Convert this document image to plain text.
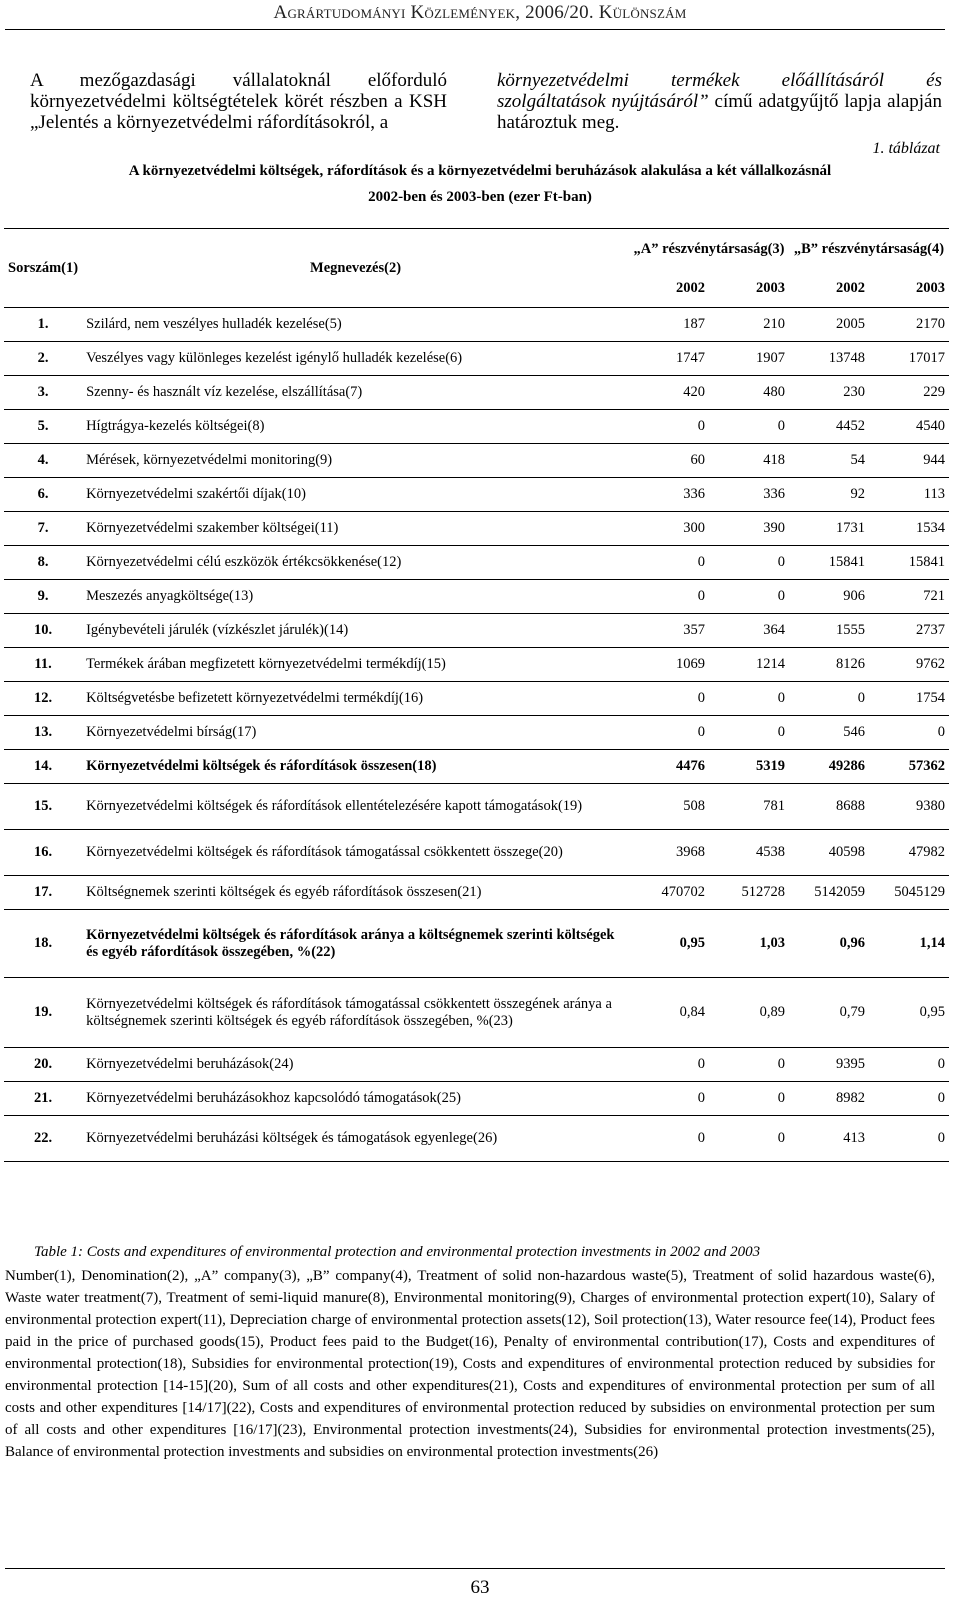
Agrártudományi Közlemények, 2006/20. Különszám
A mezőgazdasági vállalatoknál előforduló környezetvédelmi költségtételek körét részben a KSH „Jelentés a környezetvédelmi ráfordításokról, a
környezetvédelmi termékek előállításáról és szolgáltatások nyújtásáról” című adatgyűjtő lapja alapján határoztuk meg.
1. táblázat
A környezetvédelmi költségek, ráfordítások és a környezetvédelmi beruházások alakulása a két vállalkozásnál
2002-ben és 2003-ben (ezer Ft-ban)
Sorszám(1)	Megnevezés(2)	„A” részvénytársaság(3)		„B” részvénytársaság(4)	
		2002	2003	2002	2003
1.	Szilárd, nem veszélyes hulladék kezelése(5)	187	210	2005	2170
2.	Veszélyes vagy különleges kezelést igénylő hulladék kezelése(6)	1747	1907	13748	17017
3.	Szenny- és használt víz kezelése, elszállítása(7)	420	480	230	229
5.	Hígtrágya-kezelés költségei(8)	0	0	4452	4540
4.	Mérések, környezetvédelmi monitoring(9)	60	418	54	944
6.	Környezetvédelmi szakértői díjak(10)	336	336	92	113
7.	Környezetvédelmi szakember költségei(11)	300	390	1731	1534
8.	Környezetvédelmi célú eszközök értékcsökkenése(12)	0	0	15841	15841
9.	Meszezés anyagköltsége(13)	0	0	906	721
10.	Igénybevételi járulék (vízkészlet járulék)(14)	357	364	1555	2737
11.	Termékek árában megfizetett környezetvédelmi termékdíj(15)	1069	1214	8126	9762
12.	Költségvetésbe befizetett környezetvédelmi termékdíj(16)	0	0	0	1754
13.	Környezetvédelmi bírság(17)	0	0	546	0
14.	Környezetvédelmi költségek és ráfordítások összesen(18)	4476	5319	49286	57362
15.	Környezetvédelmi költségek és ráfordítások ellentételezésére kapott támogatások(19)	508	781	8688	9380
16.	Környezetvédelmi költségek és ráfordítások támogatással csökkentett összege(20)	3968	4538	40598	47982
17.	Költségnemek szerinti költségek és egyéb ráfordítások összesen(21)	470702	512728	5142059	5045129
18.	Környezetvédelmi költségek és ráfordítások aránya a költségnemek szerinti költségek és egyéb ráfordítások összegében, %(22)	0,95	1,03	0,96	1,14
19.	Környezetvédelmi költségek és ráfordítások támogatással csökkentett összegének aránya a költségnemek szerinti költségek és egyéb ráfordítások összegében, %(23)	0,84	0,89	0,79	0,95
20.	Környezetvédelmi beruházások(24)	0	0	9395	0
21.	Környezetvédelmi beruházásokhoz kapcsolódó támogatások(25)	0	0	8982	0
22.	Környezetvédelmi beruházási költségek és támogatások egyenlege(26)	0	0	413	0
Table 1: Costs and expenditures of environmental protection and environmental protection investments in 2002 and 2003
Number(1), Denomination(2), „A” company(3), „B” company(4), Treatment of solid non-hazardous waste(5), Treatment of solid hazardous waste(6), Waste water treatment(7), Treatment of semi-liquid manure(8), Environmental monitoring(9), Charges of environmental protection expert(10), Salary of environmental protection expert(11), Depreciation charge of environmental protection assets(12), Soil protection(13), Water resource fee(14), Product fees paid in the price of purchased goods(15), Product fees paid to the Budget(16), Penalty of environmental contribution(17), Costs and expenditures of environmental protection(18), Subsidies for environmental protection(19), Costs and expenditures of environmental protection reduced by subsidies for environmental protection [14-15](20), Sum of all costs and other expenditures(21), Costs and expenditures of environmental protection per sum of all costs and other expenditures [14/17](22), Costs and expenditures of environmental protection reduced by subsidies on environmental protection per sum of all costs and other expenditures [16/17](23), Environmental protection investments(24), Subsidies for environmental protection investments(25), Balance of environmental protection investments and subsidies on environmental protection investments(26)
63
